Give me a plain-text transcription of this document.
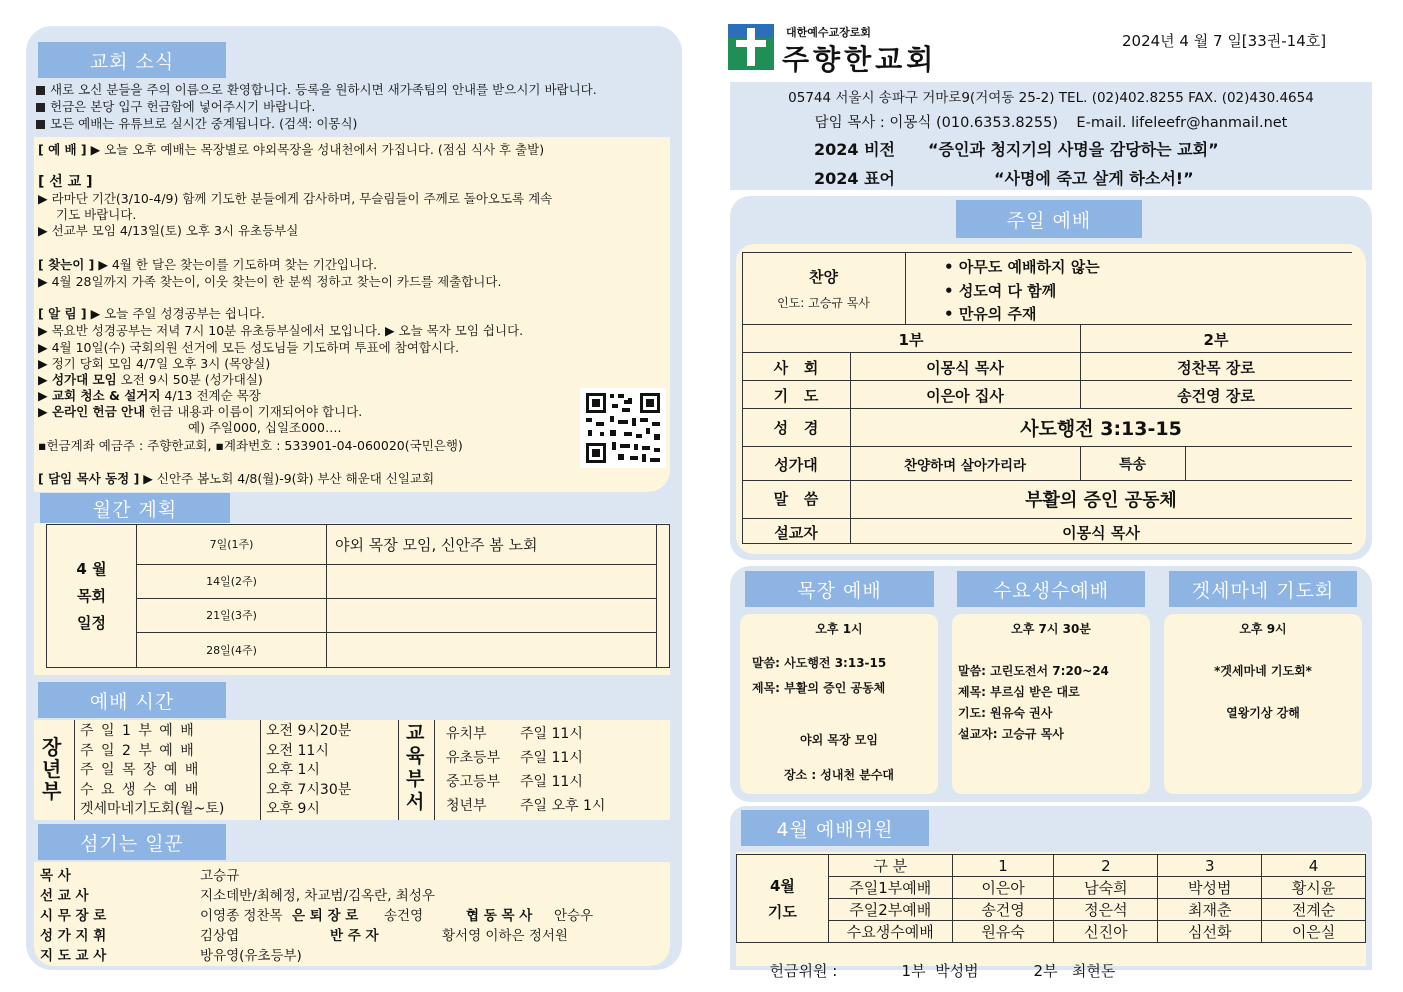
교회 소식
새로 오신 분들을 주의 이름으로 환영합니다. 등록을 원하시면 새가족팀의 안내를 받으시기 바랍니다.
헌금은 본당 입구 헌금함에 넣어주시기 바랍니다.
모든 예배는 유튜브로 실시간 중계됩니다. (검색: 이몽식)
[ 예 배 ] ▶ 오늘 오후 예배는 목장별로 야외목장을 성내천에서 가집니다. (점심 식사 후 출발)
[ 선 교 ]
▶ 라마단 기간(3/10-4/9) 함께 기도한 분들에게 감사하며, 무슬림들이 주께로 돌아오도록 계속
기도 바랍니다.
▶ 선교부 모임 4/13일(토) 오후 3시 유초등부실
[ 찾는이 ] ▶ 4월 한 달은 찾는이를 기도하며 찾는 기간입니다.
▶ 4월 28일까지 가족 찾는이, 이웃 찾는이 한 분씩 정하고 찾는이 카드를 제출합니다.
[ 알 림 ] ▶ 오늘 주일 성경공부는 쉽니다.
▶ 목요반 성경공부는 저녁 7시 10분 유초등부실에서 모입니다. ▶ 오늘 목자 모임 쉽니다.
▶ 4월 10일(수) 국회의원 선거에 모든 성도님들 기도하며 투표에 참여합시다.
▶ 정기 당회 모임 4/7일 오후 3시 (목양실)
▶ 성가대 모임 오전 9시 50분 (성가대실)
▶ 교회 청소 & 설거지 4/13 전계순 목장
▶ 온라인 헌금 안내 헌금 내용과 이름이 기재되어야 합니다.
예) 주일000, 십일조000….
▪헌금계좌 예금주 : 주향한교회, ▪계좌번호 : 533901-04-060020(국민은행)
[ 담임 목사 동정 ] ▶ 신안주 봄노회 4/8(월)-9(화) 부산 해운대 신일교회
월간 계획
4 월
목회
일정	7일(1주)	야외 목장 모임, 신안주 봄 노회	
	14일(2주)		
	21일(3주)		
	28일(4주)		
예배 시간
장년부
주 일 1 부 예 배	오전 9시20분
주 일 2 부 예 배	오전 11시
주 일 목 장 예 배	오후 1시
수 요 생 수 예 배	오후 7시30분
겟세마네기도회(월~토)	오후 9시
교육부서
유치부 주일 11시
유초등부 주일 11시
중고등부 주일 11시
청년부 주일 오후 1시
섬기는 일꾼
목 사	고승규
선 교 사	지소데반/최혜정, 차교범/김옥란, 최성우
시 무 장 로	이영종 정찬목 은 퇴 장 로 송건영	협 동 목 사 안승우
성 가 지 휘	김상엽	반 주 자	황서영 이하은 정서원
지 도 교 사	방유영(유초등부)
대한예수교장로회
주향한교회
2024년 4 월 7 일[33권-14호]
05744 서울시 송파구 거마로9(거여동 25-2) TEL. (02)402.8255 FAX. (02)430.4654
담임 목사 : 이몽식 (010.6353.8255)    E-mail. lifeleefr@hanmail.net
2024 비전 “증인과 청지기의 사명을 감당하는 교회”
2024 표어	“사명에 죽고 살게 하소서!”
주일 예배
찬양
인도: 고승규 목사
• 아무도 예배하지 않는
• 성도여 다 함께
• 만유의 주재
1부	2부
사   회	이몽식 목사	정찬목 장로
기   도	이은아 집사	송건영 장로
성   경	사도행전 3:13-15
성가대	찬양하며 살아가리라	특송
말   씀	부활의 증인 공동체
설교자	이몽식 목사
목장 예배
오후 1시
말씀: 사도행전 3:13-15
제목: 부활의 증인 공동체
야외 목장 모임
장소 : 성내천 분수대
수요생수예배
오후 7시 30분
말씀: 고린도전서 7:20~24
제목: 부르심 받은 대로
기도: 원유숙 권사
설교자: 고승규 목사
겟세마네 기도회
오후 9시
*겟세마네 기도회*
열왕기상 강해
4월 예배위원
4월
기도	구 분	1	2	3	4
	주일1부예배	이은아	남숙희	박성범	황시윤
	주일2부예배	송건영	정은석	최재춘	전계순
	수요생수예배	원유숙	신진아	심선화	이은실

헌금위원 :	1부  박성범	2부   최현돈
